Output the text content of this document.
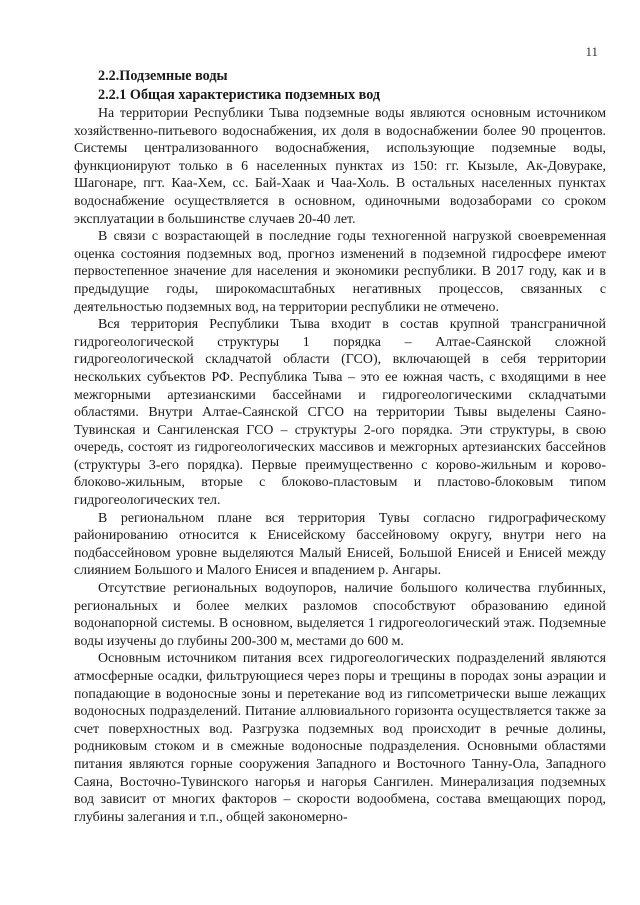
11
2.2.Подземные воды
2.2.1 Общая характеристика подземных вод

На территории Республики Тыва подземные воды являются основным источником хозяйственно-питьевого водоснабжения, их доля в водоснабжении более 90 процентов. Системы централизованного водоснабжения, использующие подземные воды, функционируют только в 6 населенных пунктах из 150: гг. Кызыле, Ак-Довураке, Шагонаре, пгт. Каа-Хем, сс. Бай-Хаак и Чаа-Холь. В остальных населенных пунктах водоснабжение осуществляется в основном, одиночными водозаборами со сроком эксплуатации в большинстве случаев 20-40 лет.

В связи с возрастающей в последние годы техногенной нагрузкой своевременная оценка состояния подземных вод, прогноз изменений в подземной гидросфере имеют первостепенное значение для населения и экономики республики. В 2017 году, как и в предыдущие годы, широкомасштабных негативных процессов, связанных с деятельностью подземных вод, на территории республики не отмечено.

Вся территория Республики Тыва входит в состав крупной трансграничной гидрогеологической структуры 1 порядка – Алтае-Саянской сложной гидрогеологической складчатой области (ГСО), включающей в себя территории нескольких субъектов РФ. Республика Тыва – это ее южная часть, с входящими в нее межгорными артезианскими бассейнами и гидрогеологическими складчатыми областями. Внутри Алтае-Саянской СГСО на территории Тывы выделены Саяно-Тувинская и Сангиленская ГСО – структуры 2-ого порядка. Эти структуры, в свою очередь, состоят из гидрогеологических массивов и межгорных артезианских бассейнов (структуры 3-его порядка). Первые преимущественно с корово-жильным и корово-блоково-жильным, вторые с блоково-пластовым и пластово-блоковым типом гидрогеологических тел.

В региональном плане вся территория Тувы согласно гидрографическому районированию относится к Енисейскому бассейновому округу, внутри него на подбассейновом уровне выделяются Малый Енисей, Большой Енисей и Енисей между слиянием Большого и Малого Енисея и впадением р. Ангары.

Отсутствие региональных водоупоров, наличие большого количества глубинных, региональных и более мелких разломов способствуют образованию единой водонапорной системы. В основном, выделяется 1 гидрогеологический этаж. Подземные воды изучены до глубины 200-300 м, местами до 600 м.

Основным источником питания всех гидрогеологических подразделений являются атмосферные осадки, фильтрующиеся через поры и трещины в породах зоны аэрации и попадающие в водоносные зоны и перетекание вод из гипсометрически выше лежащих водоносных подразделений. Питание аллювиального горизонта осуществляется также за счет поверхностных вод. Разгрузка подземных вод происходит в речные долины, родниковым стоком и в смежные водоносные подразделения. Основными областями питания являются горные сооружения Западного и Восточного Танну-Ола, Западного Саяна, Восточно-Тувинского нагорья и нагорья Сангилен. Минерализация подземных вод зависит от многих факторов – скорости водообмена, состава вмещающих пород, глубины залегания и т.п., общей закономерно-
